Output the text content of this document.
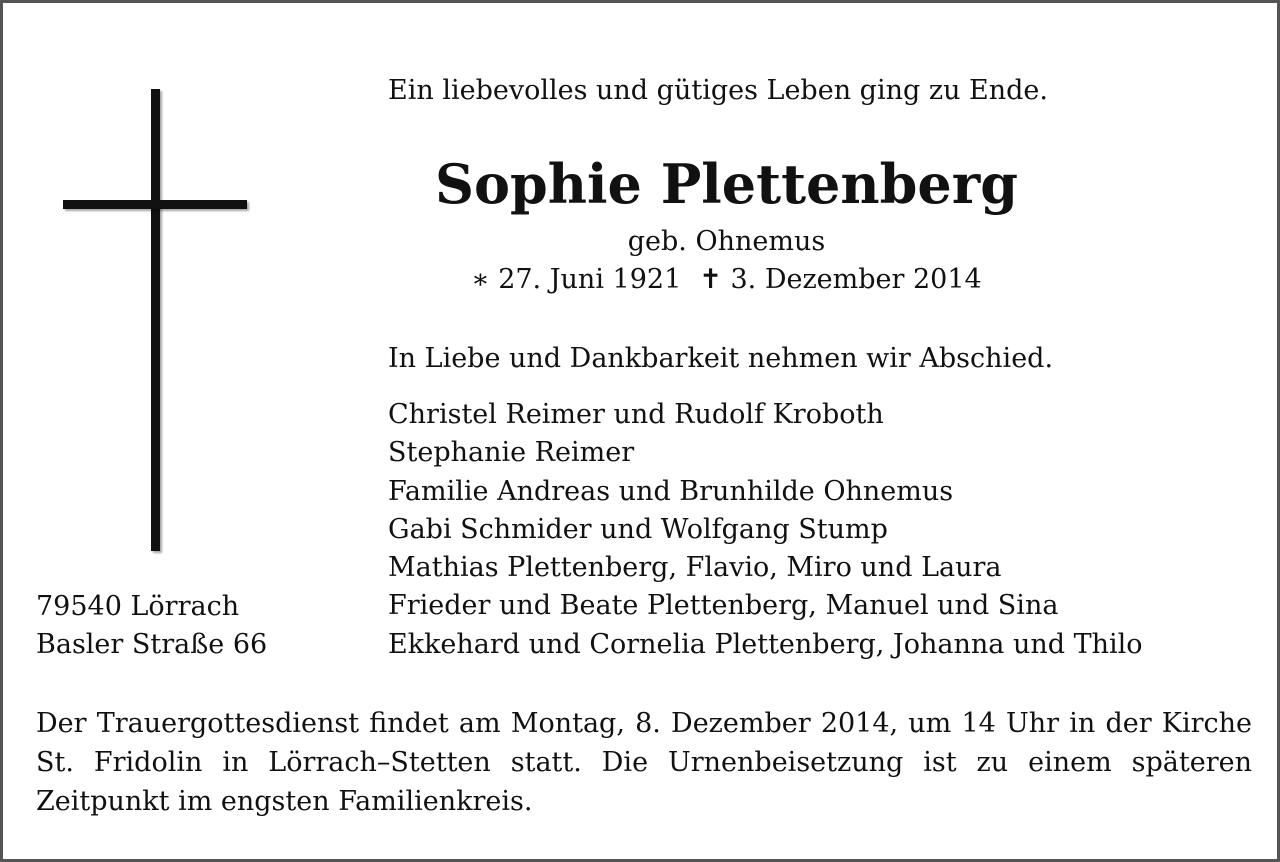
Ein liebevolles und gütiges Leben ging zu Ende.
Sophie Plettenberg
geb. Ohnemus
∗ 27. Juni 1921 ✝ 3. Dezember 2014
In Liebe und Dankbarkeit nehmen wir Abschied.
Christel Reimer und Rudolf Kroboth
Stephanie Reimer
Familie Andreas und Brunhilde Ohnemus
Gabi Schmider und Wolfgang Stump
Mathias Plettenberg, Flavio, Miro und Laura
Frieder und Beate Plettenberg, Manuel und Sina
Ekkehard und Cornelia Plettenberg, Johanna und Thilo
79540 Lörrach
Basler Straße 66

Der Trauergottesdienst findet am Montag, 8. Dezember 2014, um 14 Uhr in der Kirche St. Fridolin in Lörrach–Stetten statt. Die Urnenbeisetzung ist zu einem späteren Zeitpunkt im engsten Familienkreis.
